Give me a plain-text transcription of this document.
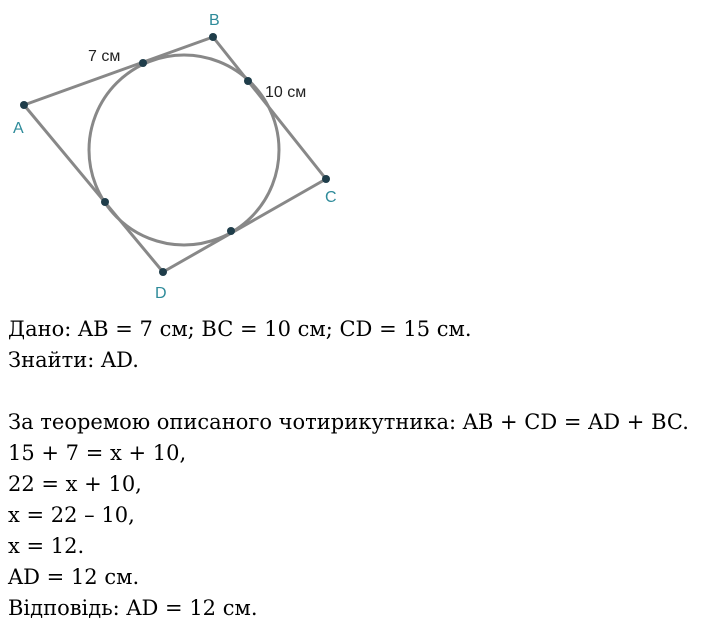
A
B
C
D
7 см
10 см
Дано: AB = 7 см; BC = 10 см; CD = 15 см.
Знайти: AD.
За теоремою описаного чотирикутника: AB + CD = AD + BC.
15 + 7 = x + 10,
22 = x + 10,
x = 22 – 10,
x = 12.
AD = 12 см.
Відповідь: AD = 12 см.
